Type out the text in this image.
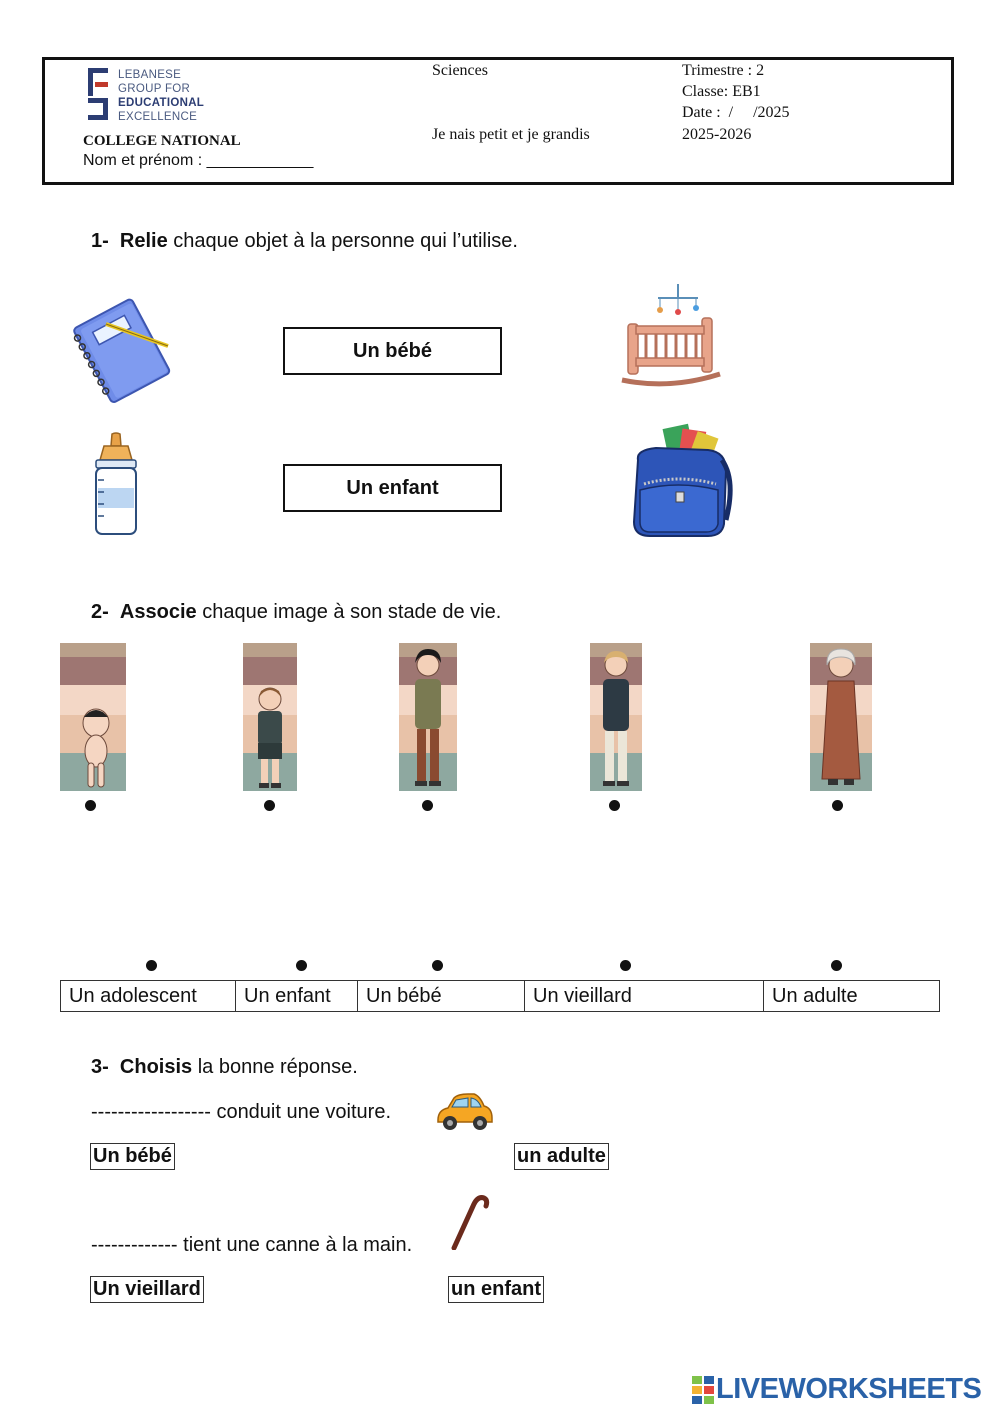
LEBANESE
GROUP FOR
EDUCATIONAL
EXCELLENCE
COLLEGE NATIONAL
Nom et prénom : ____________
Sciences
Je nais petit et je grandis
Trimestre : 2
Classe: EB1
Date :  /     /2025
2025-2026
1- Relie chaque objet à la personne qui l’utilise.
Un bébé
Un enfant
2- Associe chaque image à son stade de vie.
Un adolescent	Un enfant	Un bébé	Un vieillard	Un adulte
3- Choisis la bonne réponse.
------------------ conduit une voiture.
Un bébé	un adulte
------------- tient une canne à la main.
Un vieillard	un enfant
LIVEWORKSHEETS
